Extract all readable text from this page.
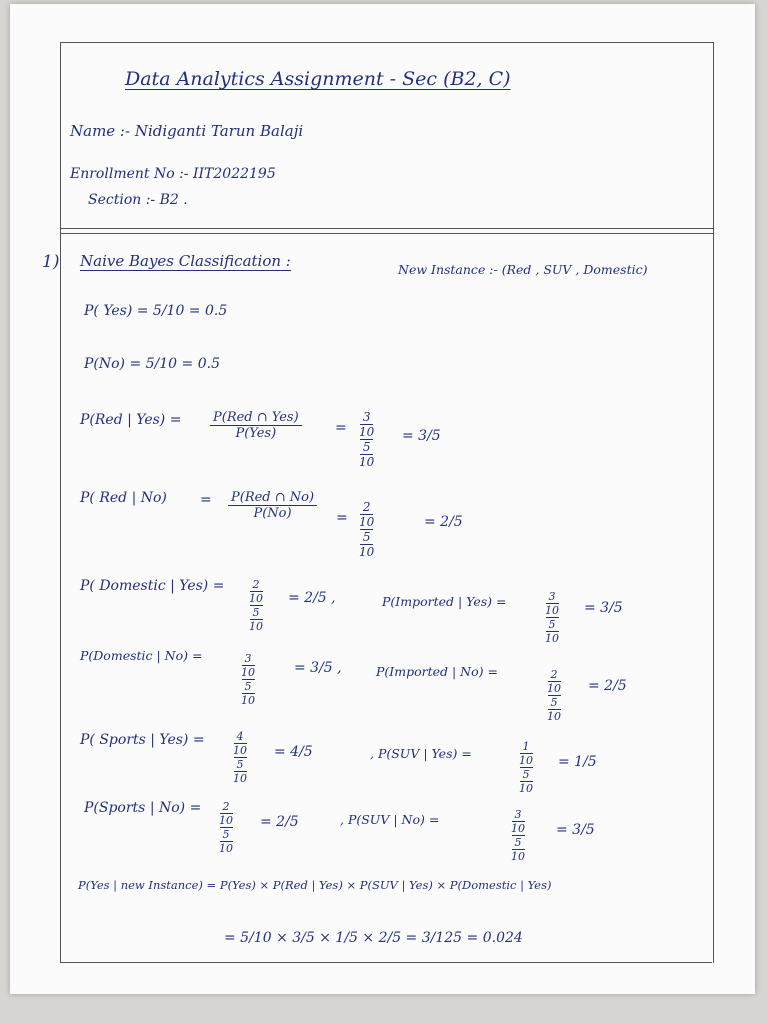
Data Analytics Assignment - Sec (B2, C)
Name :- Nidiganti Tarun Balaji
Enrollment No :- IIT2022195
Section :- B2 .
1) Naive Bayes Classification :	New Instance :- (Red , SUV , Domestic)
P( Yes) = 5/10 = 0.5
P(No) = 5/10 = 0.5
P(Red | Yes) = P(Red ∩ Yes)
P(Yes)	=
3
10
5
10
= 3/5
P( Red | No) = P(Red ∩ No)
P(No)	=
2
10
5
10
= 2/5
P( Domestic | Yes) =	2
10
5
10
= 2/5 ,	P(Imported | Yes) =	3
10
5
10
= 3/5
P(Domestic | No) =	3
10
5
10
= 3/5 ,	P(Imported | No) =	2
10
5
10
= 2/5
P( Sports | Yes) =	4
10
5
10
= 4/5	, P(SUV | Yes) =	1
10
5
10
= 1/5
P(Sports | No) = 2
10
5
10
= 2/5	, P(SUV | No) =	3
10
5
10
= 3/5
P(Yes | new Instance) = P(Yes) × P(Red | Yes) × P(SUV | Yes) × P(Domestic | Yes)
= 5/10 × 3/5 × 1/5 × 2/5 = 3/125 = 0.024
